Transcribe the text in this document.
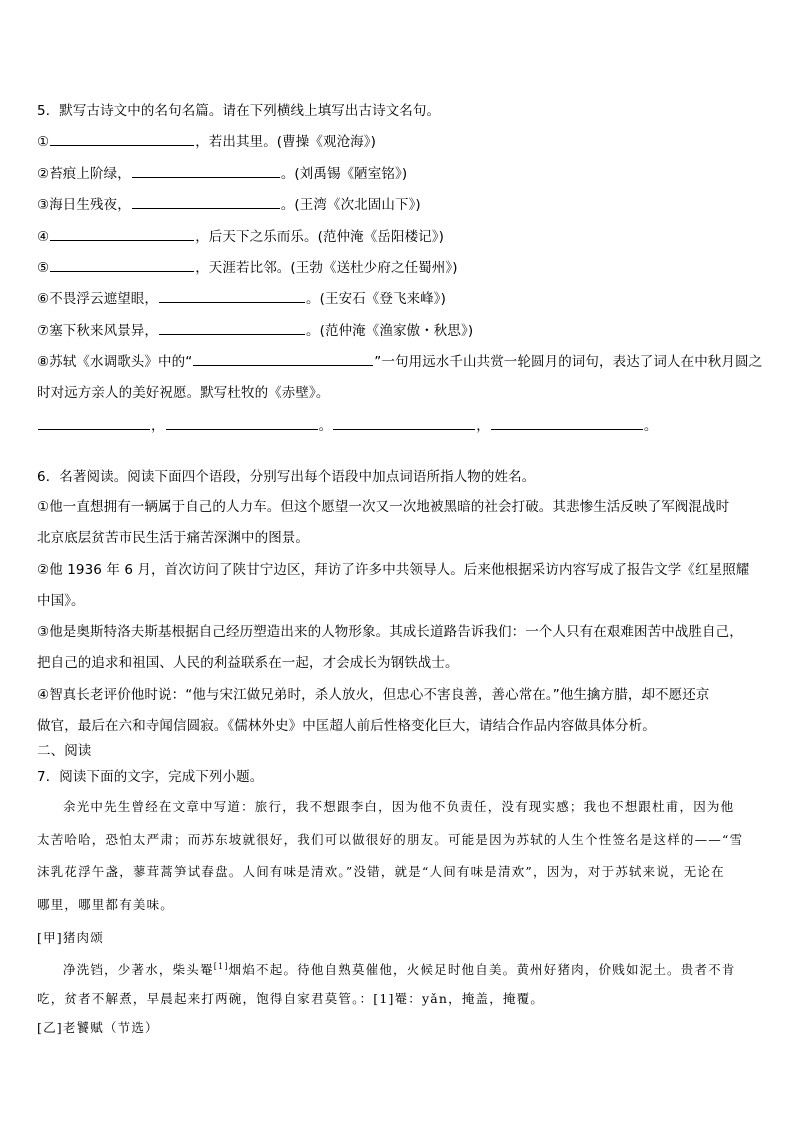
5．默写古诗文中的名句名篇。请在下列横线上填写出古诗文名句。
①	，若出其里。(曹操《观沧海》)
②苔痕上阶绿，	。(刘禹锡《陋室铭》)
③海日生残夜，	。(王湾《次北固山下》)
④	，后天下之乐而乐。(范仲淹《岳阳楼记》)
⑤	，天涯若比邻。(王勃《送杜少府之任蜀州》)
⑥不畏浮云遮望眼，	。(王安石《登飞来峰》)
⑦塞下秋来风景异，	。(范仲淹《渔家傲・秋思》)
⑧苏轼《水调歌头》中的“	”一句用远水千山共赏一轮圆月的词句，表达了词人在中秋月圆之
时对远方亲人的美好祝愿。默写杜牧的《赤壁》。
，	。	，	。
6．名著阅读。阅读下面四个语段，分别写出每个语段中加点词语所指人物的姓名。
①他一直想拥有一辆属于自己的人力车。但这个愿望一次又一次地被黑暗的社会打破。其悲惨生活反映了军阀混战时
北京底层贫苦市民生活于痛苦深渊中的图景。
②他 1936 年 6 月，首次访问了陕甘宁边区，拜访了许多中共领导人。后来他根据采访内容写成了报告文学《红星照耀
中国》。
③他是奥斯特洛夫斯基根据自己经历塑造出来的人物形象。其成长道路告诉我们：一个人只有在艰难困苦中战胜自己，
把自己的追求和祖国、人民的利益联系在一起，才会成长为钢铁战士。
④智真长老评价他时说：“他与宋江做兄弟时，杀人放火，但忠心不害良善，善心常在。”他生擒方腊，却不愿还京
做官，最后在六和寺闻信圆寂。《儒林外史》中匡超人前后性格变化巨大，请结合作品内容做具体分析。
二、阅读
7．阅读下面的文字，完成下列小题。
余光中先生曾经在文章中写道：旅行，我不想跟李白，因为他不负责任，没有现实感；我也不想跟杜甫，因为他
太苦哈哈，恐怕太严肃；而苏东坡就很好，我们可以做很好的朋友。可能是因为苏轼的人生个性签名是这样的——“雪
沫乳花浮午盏，蓼茸蒿笋试春盘。人间有味是清欢。”没错，就是“人间有味是清欢”，因为，对于苏轼来说，无论在
哪里，哪里都有美味。
[甲]猪肉颂
净洗铛，少著水，柴头罨[1]烟焰不起。待他自熟莫催他，火候足时他自美。黄州好猪肉，价贱如泥土。贵者不肯
吃，贫者不解煮，早晨起来打两碗，饱得自家君莫管。：[1]罨：yǎn，掩盖，掩覆。
[乙]老饕赋（节选）
